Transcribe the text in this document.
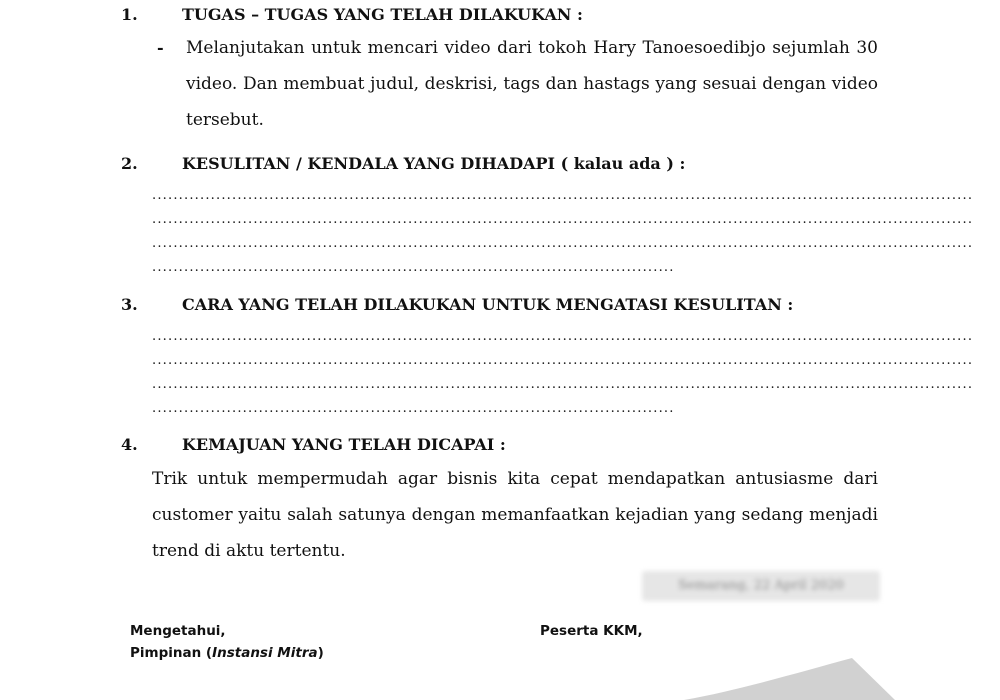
1.	TUGAS – TUGAS YANG TELAH DILAKUKAN :
- Melanjutakan untuk mencari video dari tokoh Hary Tanoesoedibjo sejumlah 30 video. Dan membuat judul, deskrisi, tags dan hastags yang sesuai dengan video tersebut.
2.	KESULITAN / KENDALA YANG DIHADAPI ( kalau ada ) :
..........................................................................................................................................................
..........................................................................................................................................................
..........................................................................................................................................................
..................................................................................................
3.	CARA YANG TELAH DILAKUKAN UNTUK MENGATASI KESULITAN :
..........................................................................................................................................................
..........................................................................................................................................................
..........................................................................................................................................................
..................................................................................................
4.	KEMAJUAN YANG TELAH DICAPAI :
Trik untuk mempermudah agar bisnis kita cepat mendapatkan antusiasme dari customer yaitu salah satunya dengan memanfaatkan kejadian yang sedang menjadi trend di aktu tertentu.
Semarang, 22 April 2020
Mengetahui,
Pimpinan (Instansi Mitra)
Peserta KKM,
